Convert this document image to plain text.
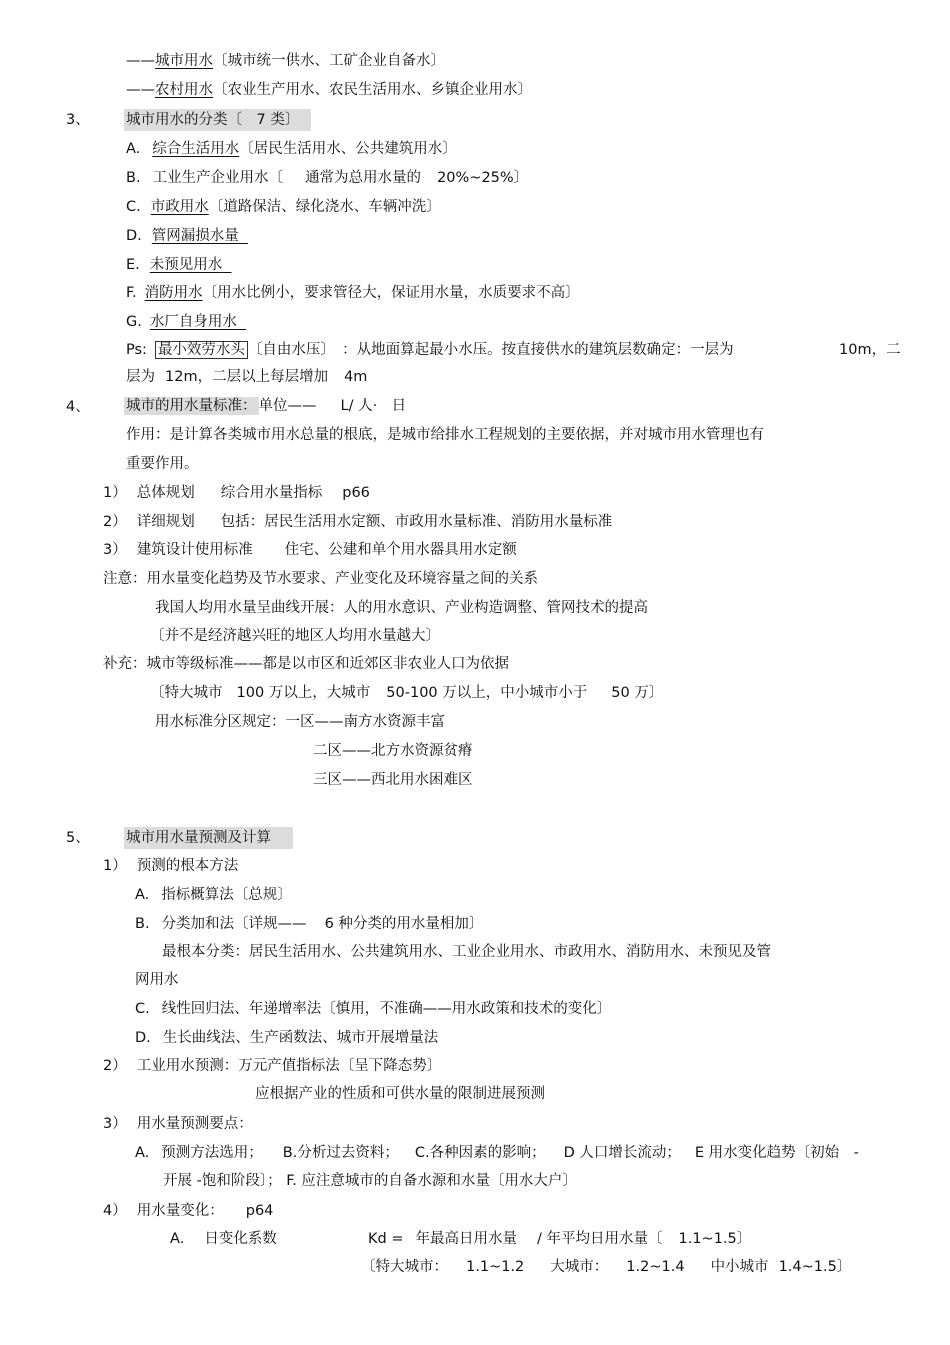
——城市用水〔城市统一供水、工矿企业自备水〕
——农村用水〔农业生产用水、农民生活用水、乡镇企业用水〕
3、	城市用水的分类〔　7 类〕
A. 综合生活用水〔居民生活用水、公共建筑用水〕
B. 工业生产企业用水〔 通常为总用水量的 20%~25%〕
C. 市政用水〔道路保洁、绿化浇水、车辆冲洗〕
D. 管网漏损水量
E. 未预见用水
F. 消防用水〔用水比例小，要求管径大，保证用水量，水质要求不高〕
G. 水厂自身用水
Ps: 最小效劳水头 〔自由水压〕　：从地面算起最小水压。按直接供水的建筑层数确定：一层为	10m，二
层为 12m，二层以上每层增加 4m
4、	城市的用水量标准： 单位—— L/ 人·　日
作用：是计算各类城市用水总量的根底，是城市给排水工程规划的主要依据，并对城市用水管理也有
重要作用。
1） 总体规划 综合用水量指标 p66
2） 详细规划 包括：居民生活用水定额、市政用水量标准、消防用水量标准
3） 建筑设计使用标准 住宅、公建和单个用水器具用水定额
注意：用水量变化趋势及节水要求、产业变化及环境容量之间的关系
我国人均用水量呈曲线开展：人的用水意识、产业构造调整、管网技术的提高
〔并不是经济越兴旺的地区人均用水量越大〕
补充：城市等级标准——都是以市区和近郊区非农业人口为依据
〔特大城市 100 万以上，大城市 50-100 万以上，中小城市小于 50 万〕
用水标准分区规定：一区——南方水资源丰富
二区——北方水资源贫瘠
三区——西北用水困难区
5、	城市用水量预测及计算
1） 预测的根本方法
A. 指标概算法〔总规〕
B. 分类加和法〔详规—— 6 种分类的用水量相加〕
最根本分类：居民生活用水、公共建筑用水、工业企业用水、市政用水、消防用水、未预见及管
网用水
C. 线性回归法、年递增率法〔慎用，不准确——用水政策和技术的变化〕
D. 生长曲线法、生产函数法、城市开展增量法
2） 工业用水预测：万元产值指标法〔呈下降态势〕
应根据产业的性质和可供水量的限制进展预测
3） 用水量预测要点：
A. 预测方法选用； B.分析过去资料； C.各种因素的影响； D 人口增长流动； E 用水变化趋势〔初始　-
开展 -饱和阶段〕； F. 应注意城市的自备水源和水量〔用水大户〕
4） 用水量变化： p64
A． 日变化系数	Kd = 年最高日用水量 / 年平均日用水量〔 1.1~1.5〕
〔特大城市： 1.1~1.2 大城市： 1.2~1.4 中小城市 1.4~1.5〕
